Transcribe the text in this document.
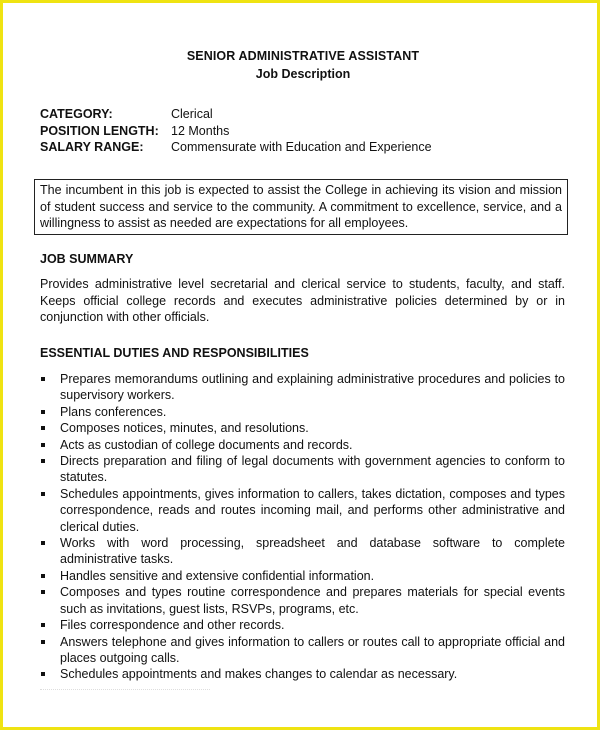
SENIOR ADMINISTRATIVE ASSISTANT
Job Description
CATEGORY:	Clerical
POSITION LENGTH: 12 Months
SALARY RANGE:	Commensurate with Education and Experience
The incumbent in this job is expected to assist the College in achieving its vision and mission of student success and service to the community. A commitment to excellence, service, and a willingness to assist as needed are expectations for all employees.
JOB SUMMARY
Provides administrative level secretarial and clerical service to students, faculty, and staff. Keeps official college records and executes administrative policies determined by or in conjunction with other officials.
ESSENTIAL DUTIES AND RESPONSIBILITIES
Prepares memorandums outlining and explaining administrative procedures and policies to supervisory workers.
Plans conferences.
Composes notices, minutes, and resolutions.
Acts as custodian of college documents and records.
Directs preparation and filing of legal documents with government agencies to conform to statutes.
Schedules appointments, gives information to callers, takes dictation, composes and types correspondence, reads and routes incoming mail, and performs other administrative and clerical duties.
Works with word processing, spreadsheet and database software to complete administrative tasks.
Handles sensitive and extensive confidential information.
Composes and types routine correspondence and prepares materials for special events such as invitations, guest lists, RSVPs, programs, etc.
Files correspondence and other records.
Answers telephone and gives information to callers or routes call to appropriate official and places outgoing calls.
Schedules appointments and makes changes to calendar as necessary.
